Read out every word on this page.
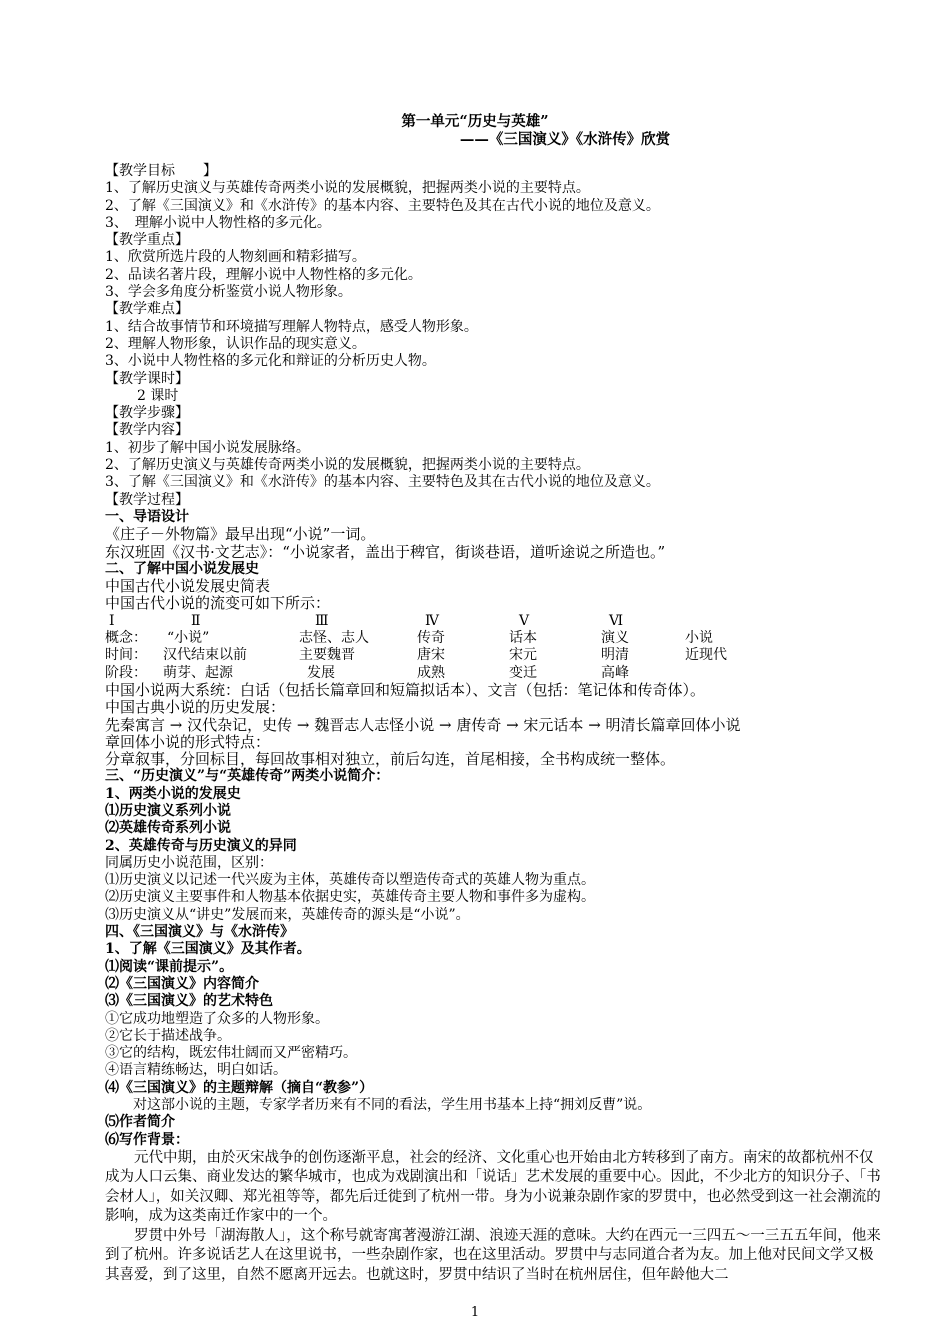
第一单元“历史与英雄”
——《三国演义》《水浒传》欣赏
【教学目标　　】
1、了解历史演义与英雄传奇两类小说的发展概貌，把握两类小说的主要特点。
2、了解《三国演义》和《水浒传》的基本内容、主要特色及其在古代小说的地位及意义。
3、　理解小说中人物性格的多元化。
【教学重点】
1、欣赏所选片段的人物刻画和精彩描写。
2、品读名著片段，理解小说中人物性格的多元化。
3、学会多角度分析鉴赏小说人物形象。
【教学难点】
1、结合故事情节和环境描写理解人物特点，感受人物形象。
2、理解人物形象，认识作品的现实意义。
3、小说中人物性格的多元化和辩证的分析历史人物。
【教学课时】
2 课时
【教学步骤】
【教学内容】
1、初步了解中国小说发展脉络。
2、了解历史演义与英雄传奇两类小说的发展概貌，把握两类小说的主要特点。
3、了解《三国演义》和《水浒传》的基本内容、主要特色及其在古代小说的地位及意义。
【教学过程】
一、导语设计
《庄子－外物篇》最早出现“小说”一词。
东汉班固《汉书·文艺志》：“小说家者，盖出于稗官，街谈巷语，道听途说之所造也。”
二、了解中国小说发展史
中国古代小说发展史简表
中国古代小说的流变可如下所示：
Ⅰ	Ⅱ	Ⅲ	Ⅳ	Ⅴ	Ⅵ
概念： “小说”	志怪、志人	传奇	话本	演义	小说
时间： 汉代结束以前	主要魏晋	唐宋	宋元	明清	近现代
阶段： 萌芽、起源	发展	成熟	变迁	高峰
中国小说两大系统：白话（包括长篇章回和短篇拟话本）、文言（包括：笔记体和传奇体）。
中国古典小说的历史发展：
先秦寓言 → 汉代杂记，史传 → 魏晋志人志怪小说 → 唐传奇 → 宋元话本 → 明清长篇章回体小说
章回体小说的形式特点：
分章叙事，分回标目，每回故事相对独立，前后勾连，首尾相接，全书构成统一整体。
三、“历史演义”与“英雄传奇”两类小说简介：
1、两类小说的发展史
⑴历史演义系列小说
⑵英雄传奇系列小说
2、英雄传奇与历史演义的异同
同属历史小说范围，区别：
⑴历史演义以记述一代兴废为主体，英雄传奇以塑造传奇式的英雄人物为重点。
⑵历史演义主要事件和人物基本依据史实，英雄传奇主要人物和事件多为虚构。
⑶历史演义从“讲史”发展而来，英雄传奇的源头是“小说”。
四、《三国演义》与《水浒传》
1、了解《三国演义》及其作者。
⑴阅读“课前提示”。
⑵《三国演义》内容简介
⑶《三国演义》的艺术特色
①它成功地塑造了众多的人物形象。
②它长于描述战争。
③它的结构，既宏伟壮阔而又严密精巧。
④语言精练畅达，明白如话。
⑷《三国演义》的主题辩解（摘自“教参”）
对这部小说的主题，专家学者历来有不同的看法，学生用书基本上持“拥刘反曹”说。
⑸作者简介
⑹写作背景：
元代中期，由於灭宋战争的创伤逐渐平息，社会的经济、文化重心也开始由北方转移到了南方。南宋的故都杭州不仅成为人口云集、商业发达的繁华城市，也成为戏剧演出和「说话」艺术发展的重要中心。因此，不少北方的知识分子、「书会材人」，如关汉卿、郑光祖等等，都先后迁徙到了杭州一带。身为小说兼杂剧作家的罗贯中，也必然受到这一社会潮流的影响，成为这类南迁作家中的一个。
罗贯中外号「湖海散人」，这个称号就寄寓著漫游江湖、浪迹天涯的意味。大约在西元一三四五～一三五五年间，他来到了杭州。许多说话艺人在这里说书，一些杂剧作家，也在这里活动。罗贯中与志同道合者为友。加上他对民间文学又极其喜爱，到了这里，自然不愿离开远去。也就这时，罗贯中结识了当时在杭州居住，但年龄他大二
1
